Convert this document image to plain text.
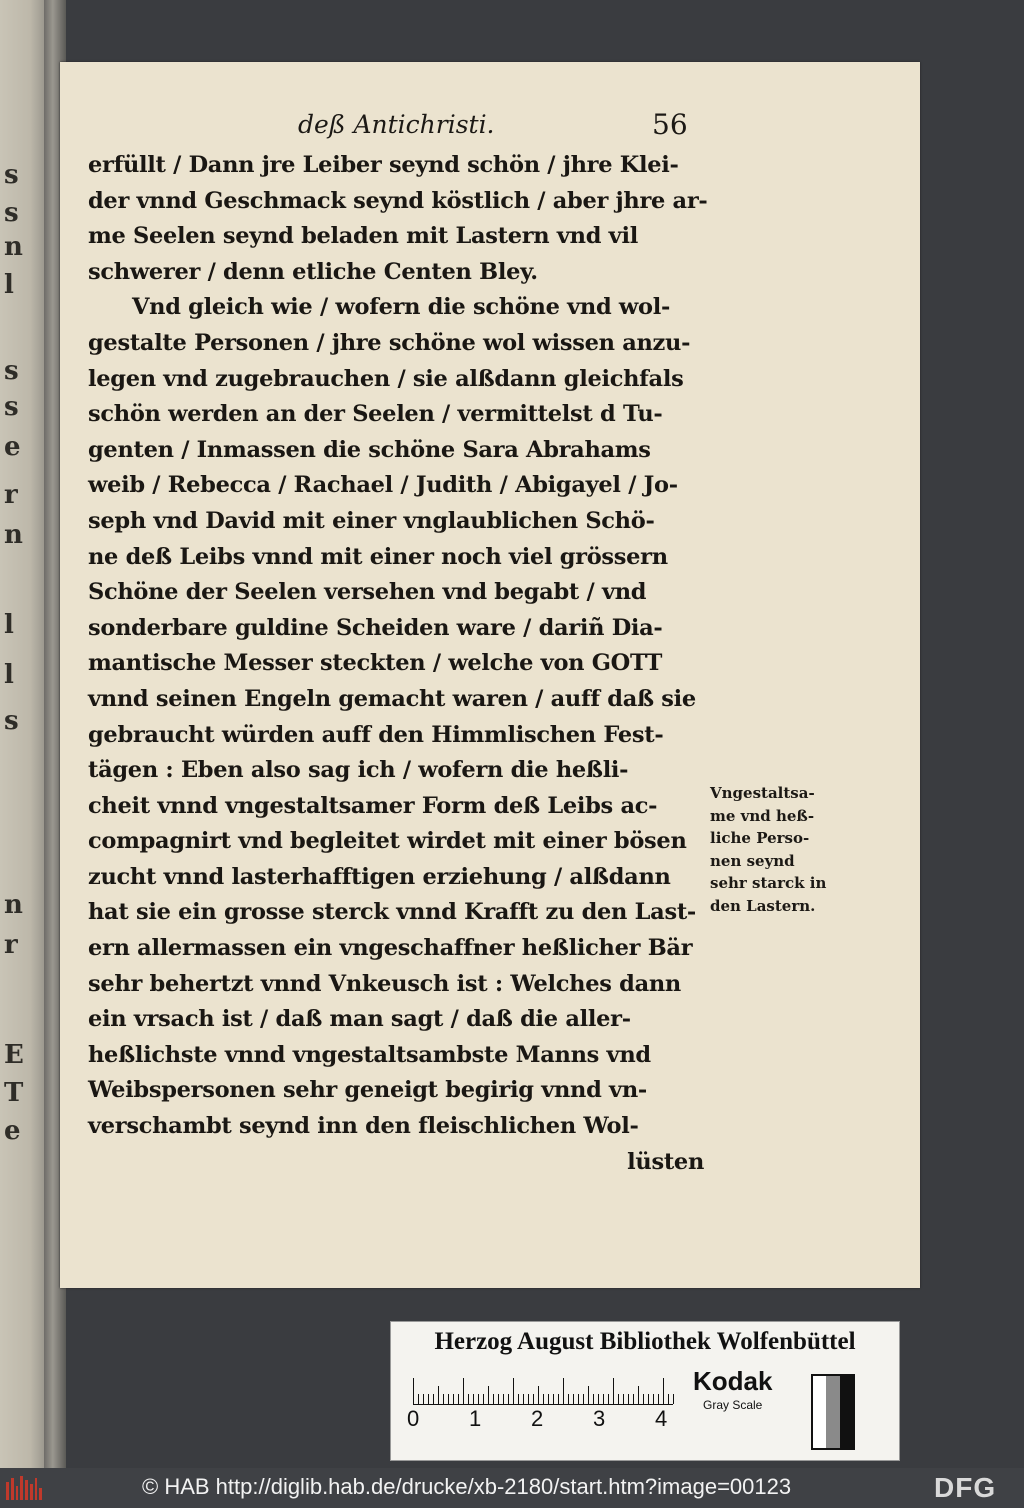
s
s
n
l
s
s
e
r
n
l
l
s
n
r
E
T
e
deß Antichristi.	56
erfüllt / Dann jre Leiber seynd schön / jhre Klei-
der vnnd Geschmack seynd köstlich / aber jhre ar-
me Seelen seynd beladen mit Lastern vnd vil
schwerer / denn etliche Centen Bley.
Vnd gleich wie / wofern die schöne vnd wol-
gestalte Personen / jhre schöne wol wissen anzu-
legen vnd zugebrauchen / sie alßdann gleichfals
schön werden an der Seelen / vermittelst d Tu-
genten / Inmassen die schöne Sara Abrahams
weib / Rebecca / Rachael / Judith / Abigayel / Jo-
seph vnd David mit einer vnglaublichen Schö-
ne deß Leibs vnnd mit einer noch viel grössern
Schöne der Seelen versehen vnd begabt / vnd
sonderbare guldine Scheiden ware / dariñ Dia-
mantische Messer steckten / welche von GOTT
vnnd seinen Engeln gemacht waren / auff daß sie
gebraucht würden auff den Himmlischen Fest-
tägen : Eben also sag ich / wofern die heßli-
cheit vnnd vngestaltsamer Form deß Leibs ac-
compagnirt vnd begleitet wirdet mit einer bösen
zucht vnnd lasterhafftigen erziehung / alßdann
hat sie ein grosse sterck vnnd Krafft zu den Last-
ern allermassen ein vngeschaffner heßlicher Bär
sehr behertzt vnnd Vnkeusch ist : Welches dann
ein vrsach ist / daß man sagt / daß die aller-
heßlichste vnnd vngestaltsambste Manns vnd
Weibspersonen sehr geneigt begirig vnnd vn-
verschambt seynd inn den fleischlichen Wol-
lüsten
Vngestaltsa-
me vnd heß-
liche Perso-
nen seynd
sehr starck in
den Lastern.
Herzog August Bibliothek Wolfenbüttel
0 1 2 3 4
Kodak
Gray Scale
© HAB http://diglib.hab.de/drucke/xb-2180/start.htm?image=00123	DFG
